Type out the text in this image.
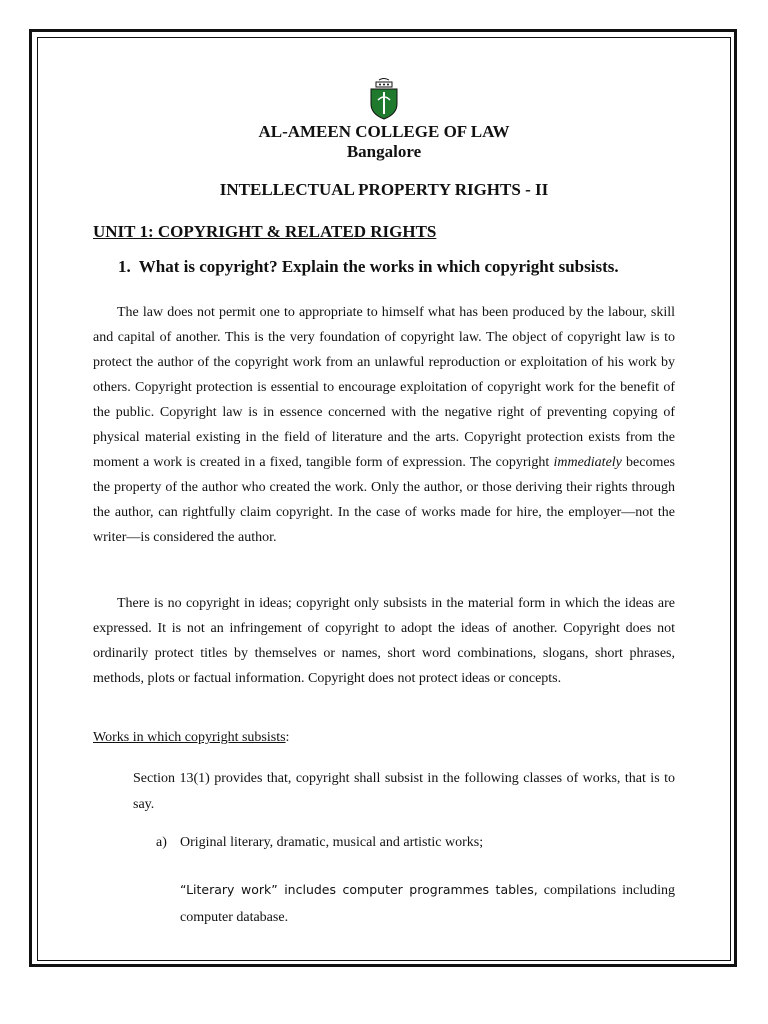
AL-AMEEN COLLEGE OF LAW
Bangalore
INTELLECTUAL PROPERTY RIGHTS - II
UNIT 1: COPYRIGHT & RELATED RIGHTS
1. What is copyright? Explain the works in which copyright subsists.

The law does not permit one to appropriate to himself what has been produced by the labour, skill and capital of another. This is the very foundation of copyright law. The object of copyright law is to protect the author of the copyright work from an unlawful reproduction or exploitation of his work by others. Copyright protection is essential to encourage exploitation of copyright work for the benefit of the public. Copyright law is in essence concerned with the negative right of preventing copying of physical material existing in the field of literature and the arts. Copyright protection exists from the moment a work is created in a fixed, tangible form of expression. The copyright immediately becomes the property of the author who created the work. Only the author, or those deriving their rights through the author, can rightfully claim copyright. In the case of works made for hire, the employer—not the writer—is considered the author.

There is no copyright in ideas; copyright only subsists in the material form in which the ideas are expressed. It is not an infringement of copyright to adopt the ideas of another. Copyright does not ordinarily protect titles by themselves or names, short word combinations, slogans, short phrases, methods, plots or factual information. Copyright does not protect ideas or concepts.

Works in which copyright subsists:

Section 13(1) provides that, copyright shall subsist in the following classes of works, that is to say.

a) Original literary, dramatic, musical and artistic works;

“Literary work” includes computer programmes tables, compilations including computer database.
